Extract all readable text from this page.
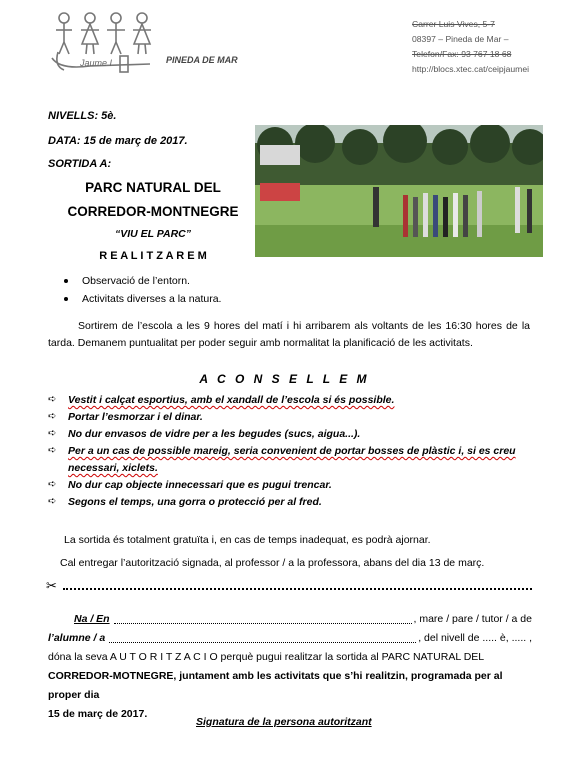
Jaume I	PINEDA DE MAR
Carrer Luis Vives, 5-7
08397 – Pineda de Mar –
Telefon/Fax: 93 767 18 68
http://blocs.xtec.cat/ceipjaumei
NIVELLS: 5è.
DATA: 15 de març de 2017.
SORTIDA A:
PARC NATURAL DEL
CORREDOR-MONTNEGRE
“VIU EL PARC”
R E A L I T Z A R E M
Observació de l’entorn.
Activitats diverses a la natura.
Sortirem de l’escola a les 9 hores del matí i hi arribarem als voltants de les 16:30 hores de la tarda. Demanem puntualitat per poder seguir amb normalitat la planificació de les activitats.
A C O N S E L L E M
➪	Vestit i calçat esportius, amb el xandall de l’escola si és possible.
➪	Portar l’esmorzar i el dinar.
➪	No dur envasos de vidre per a les begudes (sucs, aigua...).
➪	Per a un cas de possible mareig, seria convenient de portar bosses de plàstic i, si es creu
necessari, xiclets.
➪	No dur cap objecte innecessari que es pugui trencar.
➪	Segons el temps, una gorra o protecció per al fred.
La sortida és totalment gratuïta i, en cas de temps inadequat, es podrà ajornar.
Cal entregar l’autorització signada, al professor / a la professora, abans del dia 13 de març.
✂
Na / En	, mare / pare / tutor / a de
l’alumne / a	, del nivell de ..... è, ..... ,
dóna la seva A U T O R I T Z A C I O perquè pugui realitzar la sortida al PARC NATURAL DEL
CORREDOR-MOTNEGRE, juntament amb les activitats que s’hi realitzin, programada per al proper dia
15 de març de 2017.
Signatura de la persona autoritzant
